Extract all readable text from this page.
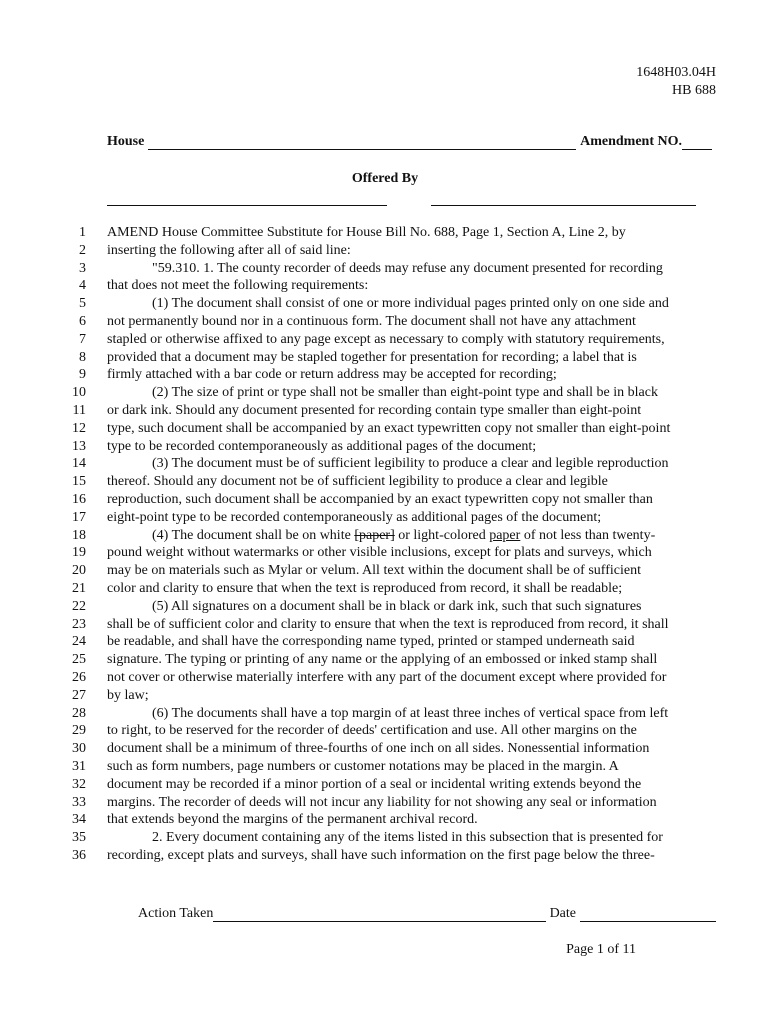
1648H03.04H
HB 688
House	Amendment NO.
Offered By
1 AMEND House Committee Substitute for House Bill No. 688, Page 1, Section A, Line 2, by
2 inserting the following after all of said line:
3	"59.310. 1. The county recorder of deeds may refuse any document presented for recording
4 that does not meet the following requirements:
5	(1) The document shall consist of one or more individual pages printed only on one side and
6 not permanently bound nor in a continuous form. The document shall not have any attachment
7 stapled or otherwise affixed to any page except as necessary to comply with statutory requirements,
8 provided that a document may be stapled together for presentation for recording; a label that is
9 firmly attached with a bar code or return address may be accepted for recording;
10	(2) The size of print or type shall not be smaller than eight-point type and shall be in black
11 or dark ink. Should any document presented for recording contain type smaller than eight-point
12 type, such document shall be accompanied by an exact typewritten copy not smaller than eight-point
13 type to be recorded contemporaneously as additional pages of the document;
14	(3) The document must be of sufficient legibility to produce a clear and legible reproduction
15 thereof. Should any document not be of sufficient legibility to produce a clear and legible
16 reproduction, such document shall be accompanied by an exact typewritten copy not smaller than
17 eight-point type to be recorded contemporaneously as additional pages of the document;
18	(4) The document shall be on white [paper] or light-colored paper of not less than twenty-
19 pound weight without watermarks or other visible inclusions, except for plats and surveys, which
20 may be on materials such as Mylar or velum. All text within the document shall be of sufficient
21 color and clarity to ensure that when the text is reproduced from record, it shall be readable;
22	(5) All signatures on a document shall be in black or dark ink, such that such signatures
23 shall be of sufficient color and clarity to ensure that when the text is reproduced from record, it shall
24 be readable, and shall have the corresponding name typed, printed or stamped underneath said
25 signature. The typing or printing of any name or the applying of an embossed or inked stamp shall
26 not cover or otherwise materially interfere with any part of the document except where provided for
27 by law;
28	(6) The documents shall have a top margin of at least three inches of vertical space from left
29 to right, to be reserved for the recorder of deeds' certification and use. All other margins on the
30 document shall be a minimum of three-fourths of one inch on all sides. Nonessential information
31 such as form numbers, page numbers or customer notations may be placed in the margin. A
32 document may be recorded if a minor portion of a seal or incidental writing extends beyond the
33 margins. The recorder of deeds will not incur any liability for not showing any seal or information
34 that extends beyond the margins of the permanent archival record.
35	2. Every document containing any of the items listed in this subsection that is presented for
36 recording, except plats and surveys, shall have such information on the first page below the three-
Action Taken	Date
Page 1 of 11
